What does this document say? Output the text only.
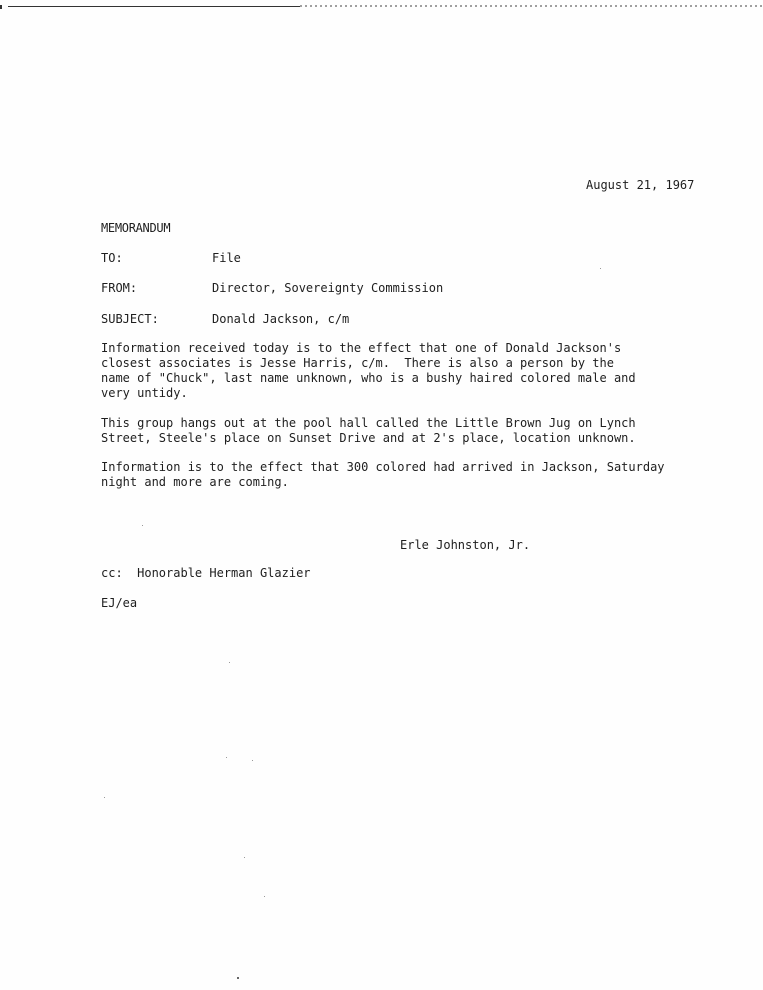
August 21, 1967
MEMORANDUM
TO:	File
FROM:	Director, Sovereignty Commission
SUBJECT:	Donald Jackson, c/m
Information received today is to the effect that one of Donald Jackson's
closest associates is Jesse Harris, c/m.  There is also a person by the
name of "Chuck", last name unknown, who is a bushy haired colored male and
very untidy.
This group hangs out at the pool hall called the Little Brown Jug on Lynch
Street, Steele's place on Sunset Drive and at 2's place, location unknown.
Information is to the effect that 300 colored had arrived in Jackson, Saturday
night and more are coming.
Erle Johnston, Jr.
cc:  Honorable Herman Glazier
EJ/ea
